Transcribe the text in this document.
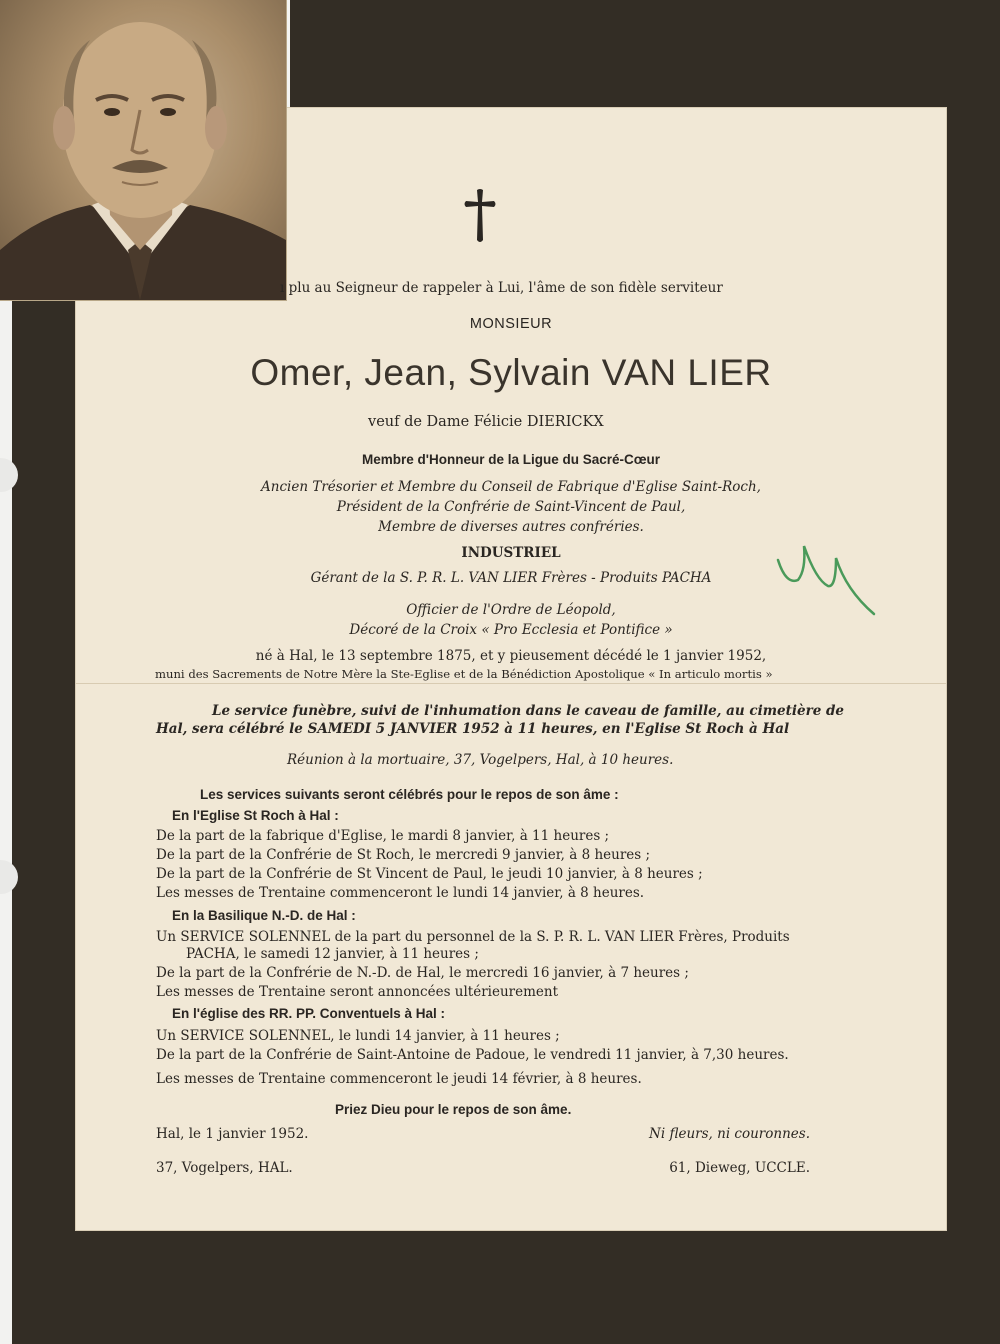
ı plu au Seigneur de rappeler à Lui, l'âme de son fidèle serviteur
MONSIEUR
Omer, Jean, Sylvain VAN LIER
veuf de Dame Félicie DIERICKX
Membre d'Honneur de la Ligue du Sacré-Cœur
Ancien Trésorier et Membre du Conseil de Fabrique d'Eglise Saint-Roch,
Président de la Confrérie de Saint-Vincent de Paul,
Membre de diverses autres confréries.
INDUSTRIEL
Gérant de la S. P. R. L. VAN LIER Frères - Produits PACHA
Officier de l'Ordre de Léopold,
Décoré de la Croix « Pro Ecclesia et Pontifice »
né à Hal, le 13 septembre 1875, et y pieusement décédé le 1 janvier 1952,
muni des Sacrements de Notre Mère la Ste-Eglise et de la Bénédiction Apostolique « In articulo mortis »
Le service funèbre, suivi de l'inhumation dans le caveau de famille, au cimetière de
Hal, sera célébré le SAMEDI 5 JANVIER 1952 à 11 heures, en l'Eglise St Roch à Hal
Réunion à la mortuaire, 37, Vogelpers, Hal, à 10 heures.
Les services suivants seront célébrés pour le repos de son âme :
En l'Eglise St Roch à Hal :
De la part de la fabrique d'Eglise, le mardi 8 janvier, à 11 heures ;
De la part de la Confrérie de St Roch, le mercredi 9 janvier, à 8 heures ;
De la part de la Confrérie de St Vincent de Paul, le jeudi 10 janvier, à 8 heures ;
Les messes de Trentaine commenceront le lundi 14 janvier, à 8 heures.
En la Basilique N.-D. de Hal :
Un SERVICE SOLENNEL de la part du personnel de la S. P. R. L. VAN LIER Frères, Produits
PACHA, le samedi 12 janvier, à 11 heures ;
De la part de la Confrérie de N.-D. de Hal, le mercredi 16 janvier, à 7 heures ;
Les messes de Trentaine seront annoncées ultérieurement
En l'église des RR. PP. Conventuels à Hal :
Un SERVICE SOLENNEL, le lundi 14 janvier, à 11 heures ;
De la part de la Confrérie de Saint-Antoine de Padoue, le vendredi 11 janvier, à 7,30 heures.
Les messes de Trentaine commenceront le jeudi 14 février, à 8 heures.
Priez Dieu pour le repos de son âme.
Hal, le 1 janvier 1952.	Ni fleurs, ni couronnes.
37, Vogelpers, HAL.	61, Dieweg, UCCLE.
